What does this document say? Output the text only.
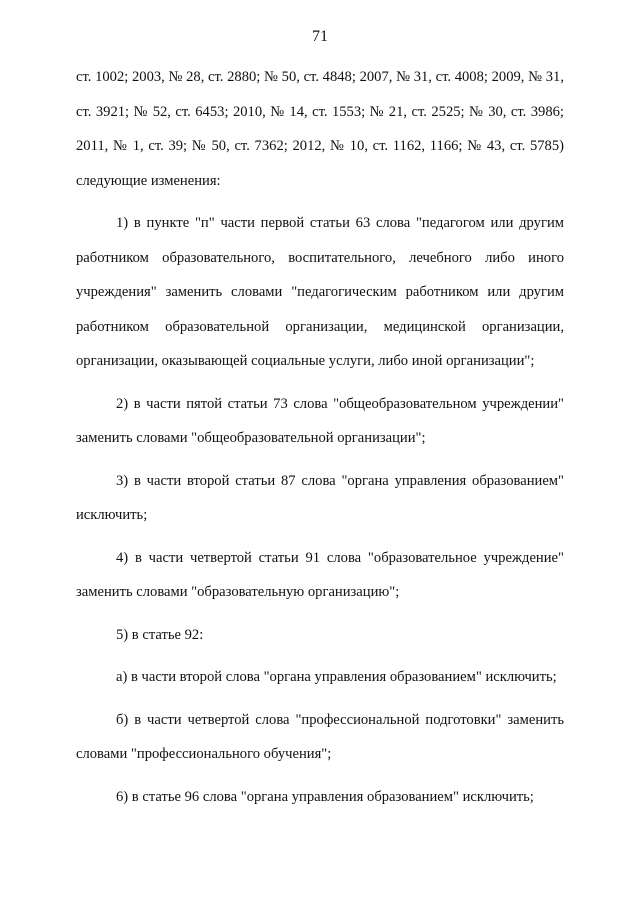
71

ст. 1002; 2003, № 28, ст. 2880; № 50, ст. 4848; 2007, № 31, ст. 4008; 2009, № 31, ст. 3921; № 52, ст. 6453; 2010, № 14, ст. 1553; № 21, ст. 2525; № 30, ст. 3986; 2011, № 1, ст. 39; № 50, ст. 7362; 2012, № 10, ст. 1162, 1166; № 43, ст. 5785) следующие изменения:

1) в пункте "п" части первой статьи 63 слова "педагогом или другим работником образовательного, воспитательного, лечебного либо иного учреждения" заменить словами "педагогическим работником или другим работником образовательной организации, медицинской организации, организации, оказывающей социальные услуги, либо иной организации";

2) в части пятой статьи 73 слова "общеобразовательном учреждении" заменить словами "общеобразовательной организации";

3) в части второй статьи 87 слова "органа управления образованием" исключить;

4) в части четвертой статьи 91 слова "образовательное учреждение" заменить словами "образовательную организацию";

5) в статье 92:

а) в части второй слова "органа управления образованием" исключить;

б) в части четвертой слова "профессиональной подготовки" заменить словами "профессионального обучения";

6) в статье 96 слова "органа управления образованием" исключить;
